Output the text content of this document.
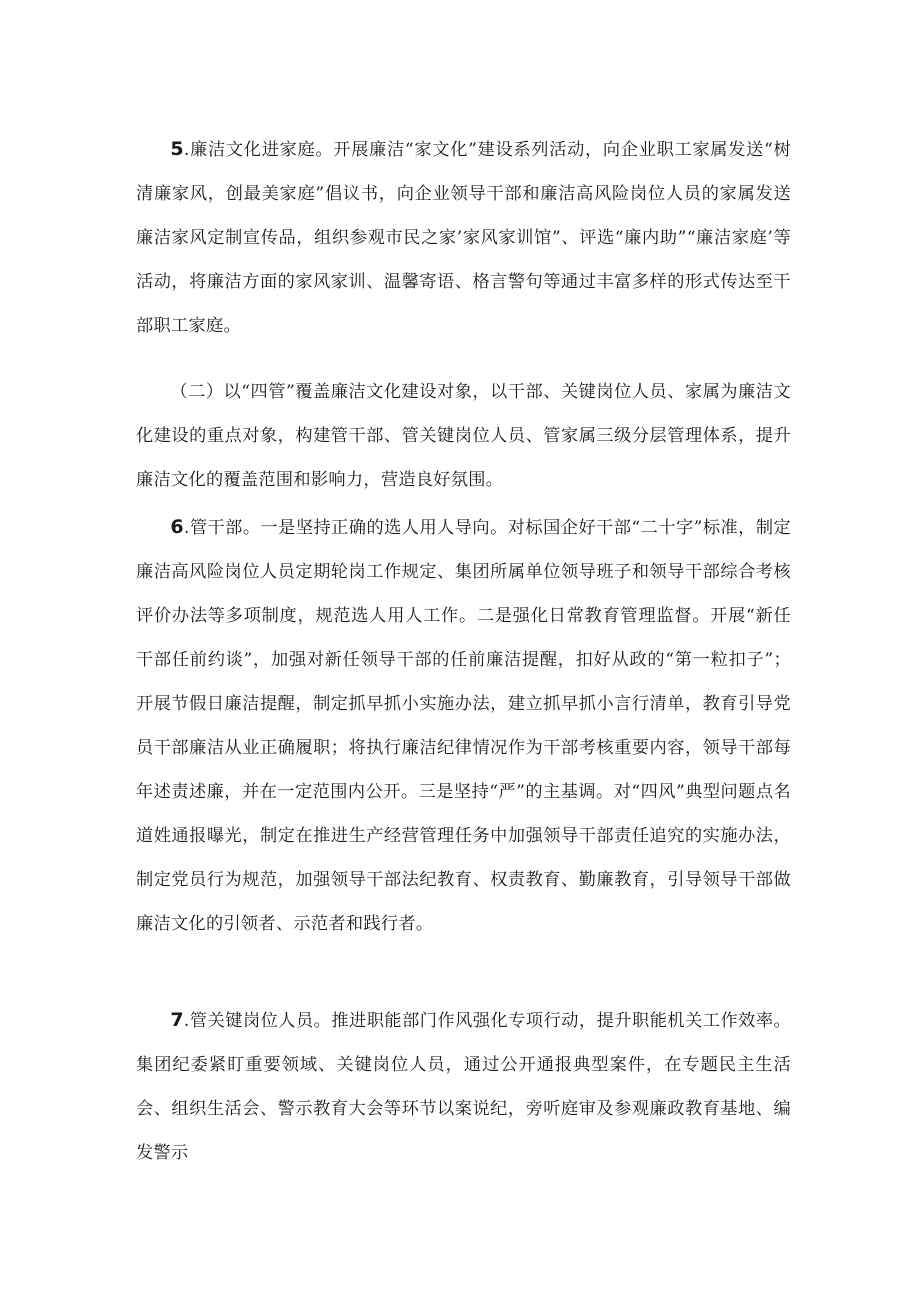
5.廉洁文化进家庭。开展廉洁“家文化”建设系列活动，向企业职工家属发送“树清廉家风，创最美家庭”倡议书，向企业领导干部和廉洁高风险岗位人员的家属发送廉洁家风定制宣传品，组织参观市民之家’家风家训馆”、评选“廉内助”“廉洁家庭’等活动，将廉洁方面的家风家训、温馨寄语、格言警句等通过丰富多样的形式传达至干部职工家庭。

（二）以“四管”覆盖廉洁文化建设对象，以干部、关键岗位人员、家属为廉洁文化建设的重点对象，构建管干部、管关键岗位人员、管家属三级分层管理体系，提升廉洁文化的覆盖范围和影响力，营造良好氛围。

6.管干部。一是坚持正确的选人用人导向。对标国企好干部“二十字”标准，制定廉洁高风险岗位人员定期轮岗工作规定、集团所属单位领导班子和领导干部综合考核评价办法等多项制度，规范选人用人工作。二是强化日常教育管理监督。开展“新任干部任前约谈”，加强对新任领导干部的任前廉洁提醒，扣好从政的“第一粒扣子”；开展节假日廉洁提醒，制定抓早抓小实施办法，建立抓早抓小言行清单，教育引导党员干部廉洁从业正确履职；将执行廉洁纪律情况作为干部考核重要内容，领导干部每年述责述廉，并在一定范围内公开。三是坚持“严”的主基调。对“四风”典型问题点名道姓通报曝光，制定在推进生产经营管理任务中加强领导干部责任追究的实施办法，制定党员行为规范，加强领导干部法纪教育、权责教育、勤廉教育，引导领导干部做廉洁文化的引领者、示范者和践行者。

7.管关键岗位人员。推进职能部门作风强化专项行动，提升职能机关工作效率。集团纪委紧盯重要领域、关键岗位人员，通过公开通报典型案件，在专题民主生活会、组织生活会、警示教育大会等环节以案说纪，旁听庭审及参观廉政教育基地、编发警示
